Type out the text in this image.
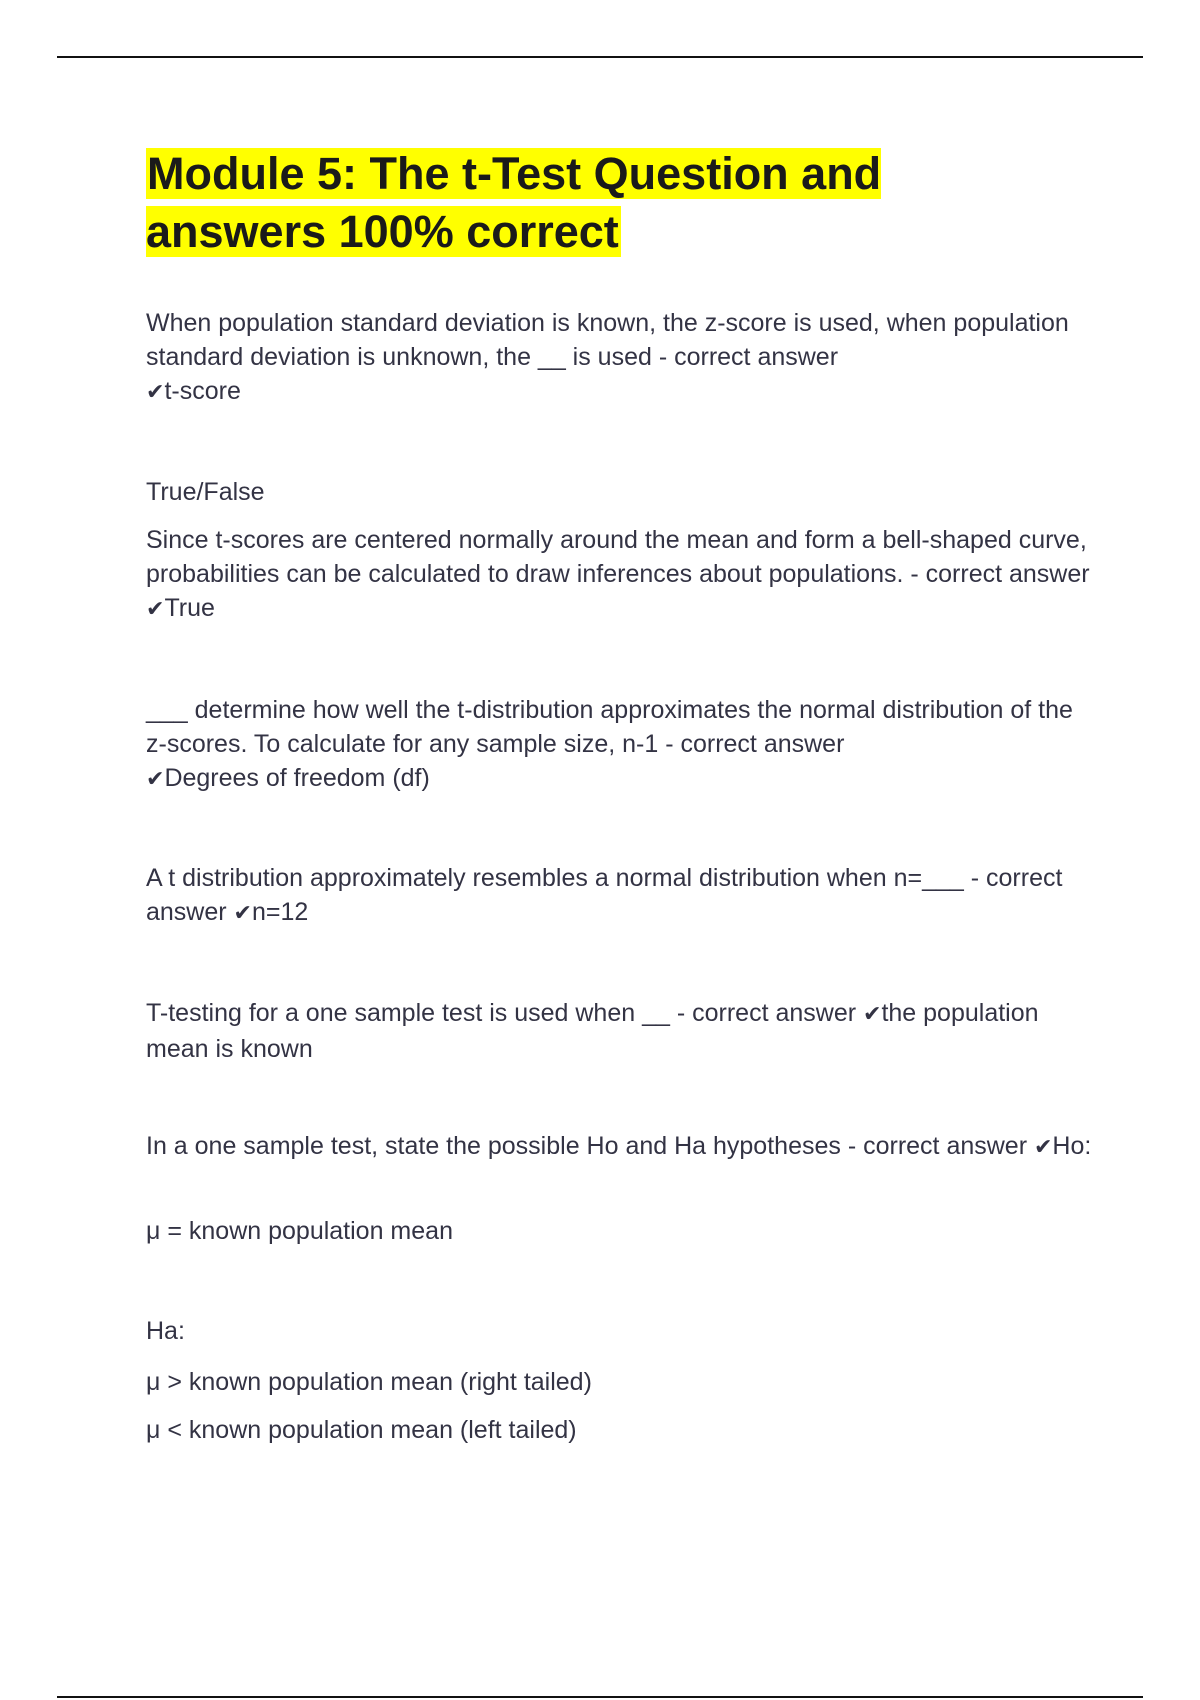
Module 5: The t-Test Question and answers 100% correct

When population standard deviation is known, the z-score is used, when population standard deviation is unknown, the __ is used - correct answer
✔t-score

True/False

Since t-scores are centered normally around the mean and form a bell-shaped curve, probabilities can be calculated to draw inferences about populations. - correct answer ✔True

___ determine how well the t-distribution approximates the normal distribution of the z-scores. To calculate for any sample size, n-1 - correct answer
✔Degrees of freedom (df)

A t distribution approximately resembles a normal distribution when n=___ - correct answer ✔n=12

T-testing for a one sample test is used when __ - correct answer ✔the population mean is known

In a one sample test, state the possible Ho and Ha hypotheses - correct answer ✔Ho:

μ = known population mean

Ha:

μ > known population mean (right tailed)

μ < known population mean (left tailed)
